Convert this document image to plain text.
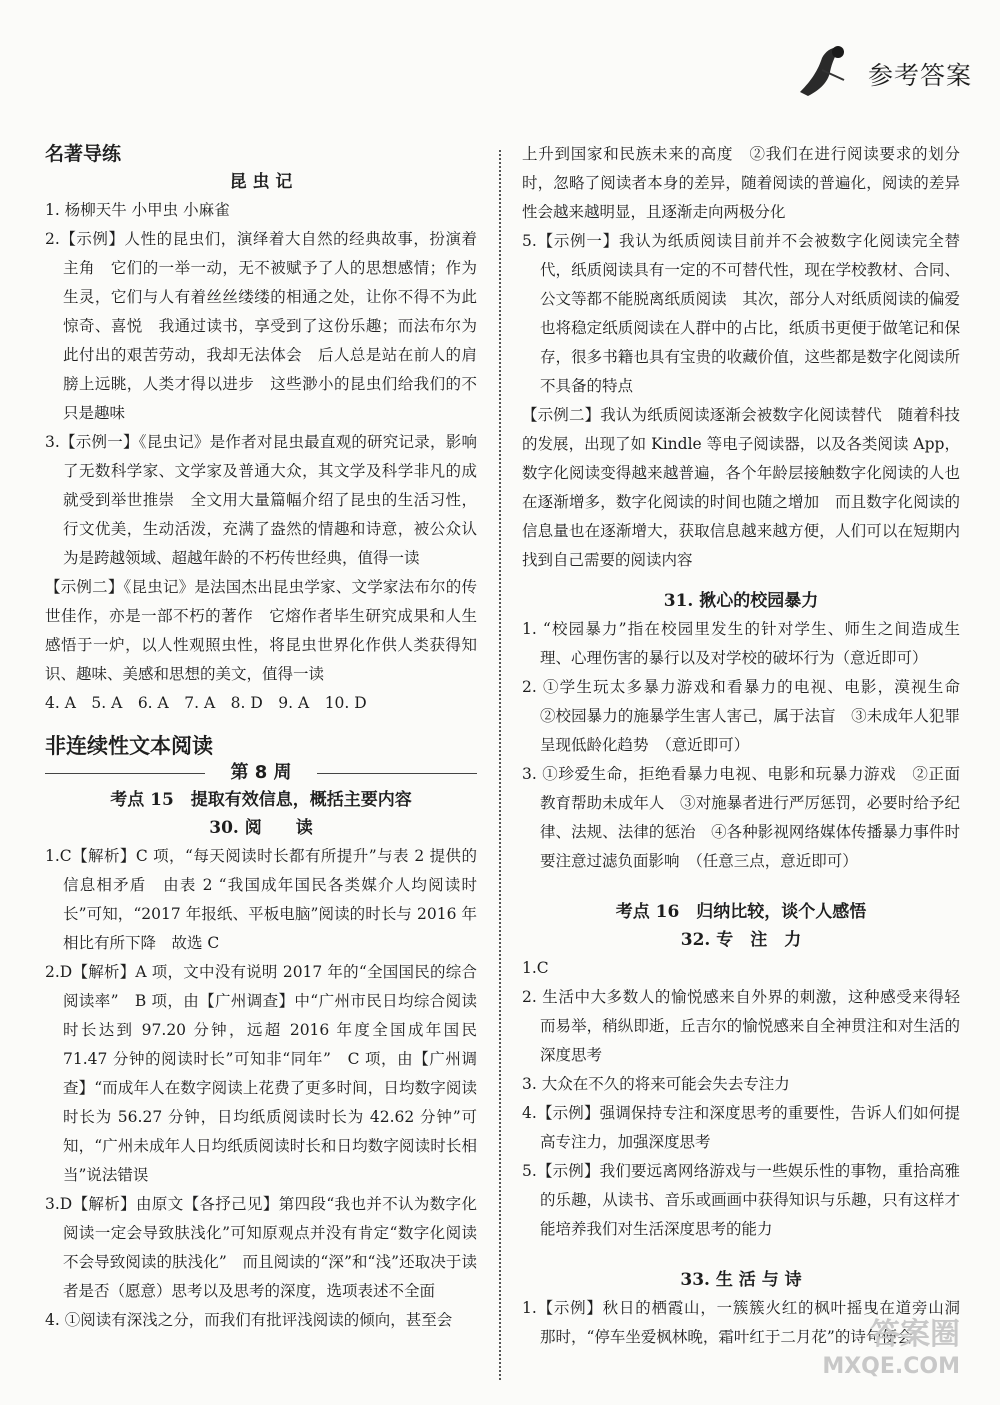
参考答案
名著导练
昆 虫 记
1. 杨柳天牛 小甲虫 小麻雀
2.【示例】人性的昆虫们，演绎着大自然的经典故事，扮演着主角　它们的一举一动，无不被赋予了人的思想感情；作为生灵，它们与人有着丝丝缕缕的相通之处，让你不得不为此惊奇、喜悦　我通过读书，享受到了这份乐趣；而法布尔为此付出的艰苦劳动，我却无法体会　后人总是站在前人的肩膀上远眺，人类才得以进步　这些渺小的昆虫们给我们的不只是趣味
3.【示例一】《昆虫记》是作者对昆虫最直观的研究记录，影响了无数科学家、文学家及普通大众，其文学及科学非凡的成就受到举世推崇　全文用大量篇幅介绍了昆虫的生活习性，行文优美，生动活泼，充满了盎然的情趣和诗意，被公众认为是跨越领域、超越年龄的不朽传世经典，值得一读
【示例二】《昆虫记》是法国杰出昆虫学家、文学家法布尔的传世佳作，亦是一部不朽的著作　它熔作者毕生研究成果和人生感悟于一炉，以人性观照虫性，将昆虫世界化作供人类获得知识、趣味、美感和思想的美文，值得一读
4. A　5. A　6. A　7. A　8. D　9. A　10. D
非连续性文本阅读
第 8 周
考点 15　提取有效信息，概括主要内容
30. 阅　　读
1.C【解析】C 项，“每天阅读时长都有所提升”与表 2 提供的信息相矛盾　由表 2 “我国成年国民各类媒介人均阅读时长”可知，“2017 年报纸、平板电脑”阅读的时长与 2016 年相比有所下降　故选 C
2.D【解析】A 项，文中没有说明 2017 年的“全国国民的综合阅读率”　B 项，由【广州调查】中“广州市民日均综合阅读时长达到 97.20 分钟，远超 2016 年度全国成年国民 71.47 分钟的阅读时长”可知非“同年”　C 项，由【广州调查】“而成年人在数字阅读上花费了更多时间，日均数字阅读时长为 56.27 分钟，日均纸质阅读时长为 42.62 分钟”可知，“广州未成年人日均纸质阅读时长和日均数字阅读时长相当”说法错误
3.D【解析】由原文【各抒己见】第四段“我也并不认为数字化阅读一定会导致肤浅化”可知原观点并没有肯定“数字化阅读不会导致阅读的肤浅化”　而且阅读的“深”和“浅”还取决于读者是否（愿意）思考以及思考的深度，选项表述不全面
4. ①阅读有深浅之分，而我们有批评浅阅读的倾向，甚至会
上升到国家和民族未来的高度　②我们在进行阅读要求的划分时，忽略了阅读者本身的差异，随着阅读的普遍化，阅读的差异性会越来越明显，且逐渐走向两极分化
5.【示例一】我认为纸质阅读目前并不会被数字化阅读完全替代，纸质阅读具有一定的不可替代性，现在学校教材、合同、公文等都不能脱离纸质阅读　其次，部分人对纸质阅读的偏爱也将稳定纸质阅读在人群中的占比，纸质书更便于做笔记和保存，很多书籍也具有宝贵的收藏价值，这些都是数字化阅读所不具备的特点
【示例二】我认为纸质阅读逐渐会被数字化阅读替代　随着科技的发展，出现了如 Kindle 等电子阅读器，以及各类阅读 App，数字化阅读变得越来越普遍，各个年龄层接触数字化阅读的人也在逐渐增多，数字化阅读的时间也随之增加　而且数字化阅读的信息量也在逐渐增大，获取信息越来越方便，人们可以在短期内找到自己需要的阅读内容
31. 揪心的校园暴力
1. “校园暴力”指在校园里发生的针对学生、师生之间造成生理、心理伤害的暴行以及对学校的破坏行为（意近即可）
2. ①学生玩太多暴力游戏和看暴力的电视、电影，漠视生命　②校园暴力的施暴学生害人害己，属于法盲　③未成年人犯罪呈现低龄化趋势　（意近即可）
3. ①珍爱生命，拒绝看暴力电视、电影和玩暴力游戏　②正面教育帮助未成年人　③对施暴者进行严厉惩罚，必要时给予纪律、法规、法律的惩治　④各种影视网络媒体传播暴力事件时要注意过滤负面影响　（任意三点，意近即可）
考点 16　归纳比较，谈个人感悟
32. 专　注　力
1.C
2. 生活中大多数人的愉悦感来自外界的刺激，这种感受来得轻而易举，稍纵即逝，丘吉尔的愉悦感来自全神贯注和对生活的深度思考
3. 大众在不久的将来可能会失去专注力
4.【示例】强调保持专注和深度思考的重要性，告诉人们如何提高专注力，加强深度思考
5.【示例】我们要远离网络游戏与一些娱乐性的事物，重拾高雅的乐趣，从读书、音乐或画画中获得知识与乐趣，只有这样才能培养我们对生活深度思考的能力
33. 生 活 与 诗
1.【示例】秋日的栖霞山，一簇簇火红的枫叶摇曳在道旁山洞　那时，“停车坐爱枫林晚，霜叶红于二月花”的诗句便会
答案圈
MXQE.COM
